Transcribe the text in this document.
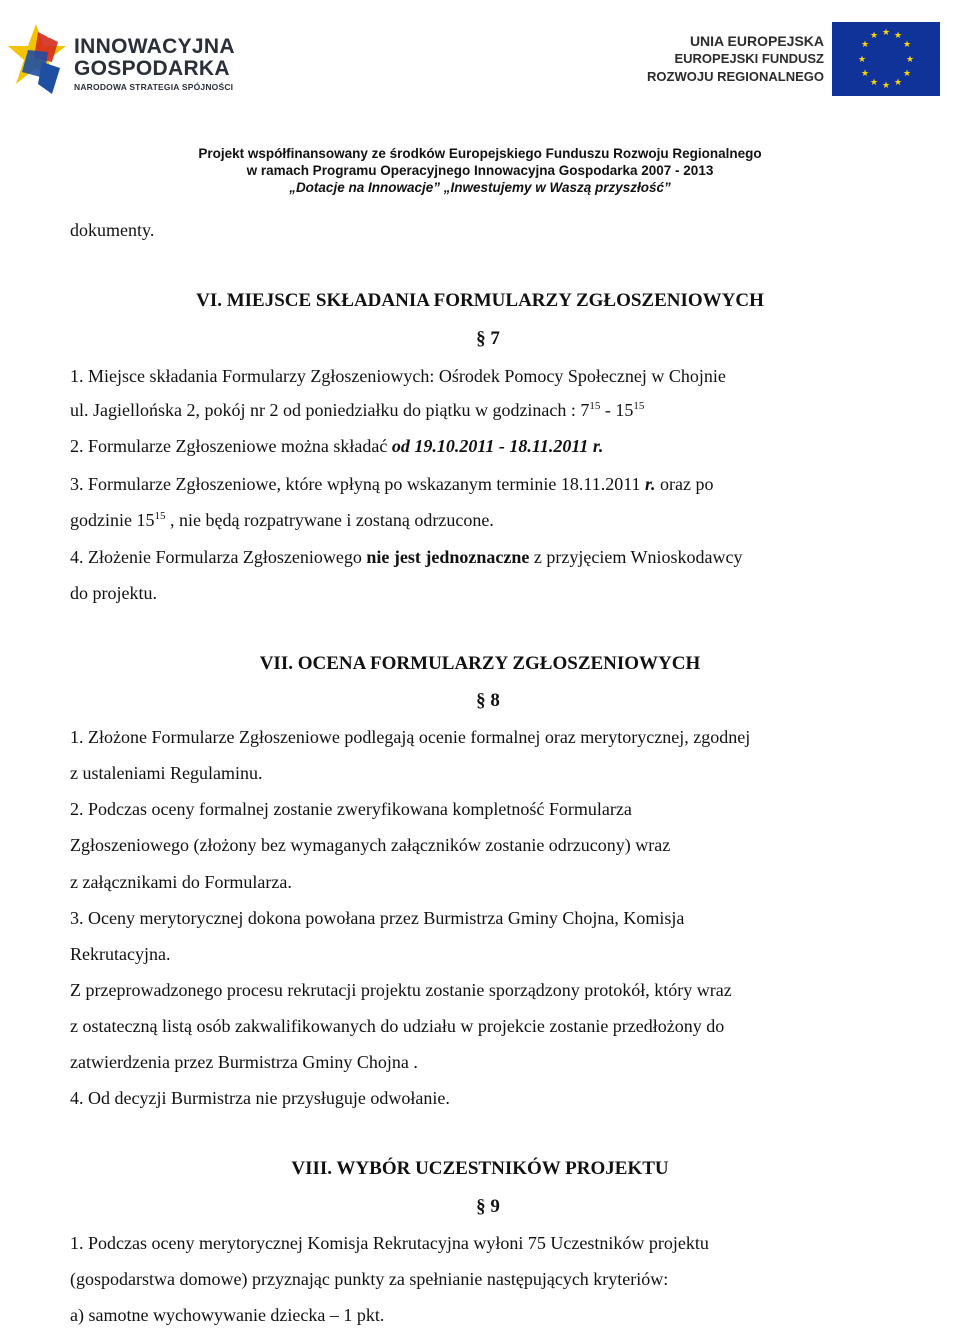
INNOWACYJNA
GOSPODARKA
NARODOWA STRATEGIA SPÓJNOŚCI
UNIA EUROPEJSKA
EUROPEJSKI FUNDUSZ
ROZWOJU REGIONALNEGO
★ ★
★
★
★
★
★
★
★
★
★
★
Projekt współfinansowany ze środków Europejskiego Funduszu Rozwoju Regionalnego
w ramach Programu Operacyjnego Innowacyjna Gospodarka 2007 - 2013
„Dotacje na Innowacje” „Inwestujemy w Waszą przyszłość”
dokumenty.
VI. MIEJSCE SKŁADANIA FORMULARZY ZGŁOSZENIOWYCH
§ 7
1. Miejsce składania Formularzy Zgłoszeniowych: Ośrodek Pomocy Społecznej w Chojnie
ul. Jagiellońska 2, pokój nr 2 od poniedziałku do piątku w godzinach : $7^{15} - 15^{15}$
2. Formularze Zgłoszeniowe można składać od 19.10.2011 - 18.11.2011 r.
3. Formularze Zgłoszeniowe, które wpłyną po wskazanym terminie 18.11.2011 r. oraz po
godzinie $15^{15}$ , nie będą rozpatrywane i zostaną odrzucone.
4. Złożenie Formularza Zgłoszeniowego nie jest jednoznaczne z przyjęciem Wnioskodawcy
do projektu.
VII. OCENA FORMULARZY ZGŁOSZENIOWYCH
§ 8
1. Złożone Formularze Zgłoszeniowe podlegają ocenie formalnej oraz merytorycznej, zgodnej
z ustaleniami Regulaminu.
2. Podczas oceny formalnej zostanie zweryfikowana kompletność Formularza
Zgłoszeniowego (złożony bez wymaganych załączników zostanie odrzucony) wraz
z załącznikami do Formularza.
3. Oceny merytorycznej dokona powołana przez Burmistrza Gminy Chojna, Komisja
Rekrutacyjna.
Z przeprowadzonego procesu rekrutacji projektu zostanie sporządzony protokół, który wraz
z ostateczną listą osób zakwalifikowanych do udziału w projekcie zostanie przedłożony do
zatwierdzenia przez Burmistrza Gminy Chojna .
4. Od decyzji Burmistrza nie przysługuje odwołanie.
VIII. WYBÓR UCZESTNIKÓW PROJEKTU
§ 9
1. Podczas oceny merytorycznej Komisja Rekrutacyjna wyłoni 75 Uczestników projektu
(gospodarstwa domowe) przyznając punkty za spełnianie następujących kryteriów:
a) samotne wychowywanie dziecka – 1 pkt.
